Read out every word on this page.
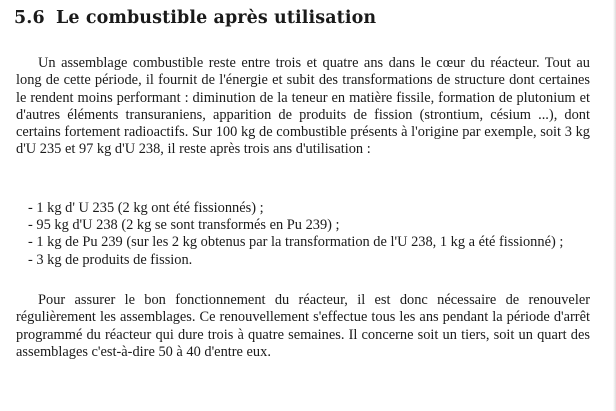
5.6 Le combustible après utilisation

Un assemblage combustible reste entre trois et quatre ans dans le cœur du réacteur. Tout au long de cette période, il fournit de l'énergie et subit des transformations de structure dont certaines le rendent moins performant : diminution de la teneur en matière fissile, formation de plutonium et d'autres éléments transuraniens, apparition de produits de fission (strontium, césium ...), dont certains fortement radioactifs. Sur 100 kg de combustible présents à l'origine par exemple, soit 3 kg d'U 235 et 97 kg d'U 238, il reste après trois ans d'utilisation :

- 1 kg d' U 235 (2 kg ont été fissionnés) ;
- 95 kg d'U 238 (2 kg se sont transformés en Pu 239) ;
- 1 kg de Pu 239 (sur les 2 kg obtenus par la transformation de l'U 238, 1 kg a été fissionné) ;
- 3 kg de produits de fission.

Pour assurer le bon fonctionnement du réacteur, il est donc nécessaire de renouveler régulièrement les assemblages. Ce renouvellement s'effectue tous les ans pendant la période d'arrêt programmé du réacteur qui dure trois à quatre semaines. Il concerne soit un tiers, soit un quart des assemblages c'est-à-dire 50 à 40 d'entre eux.
